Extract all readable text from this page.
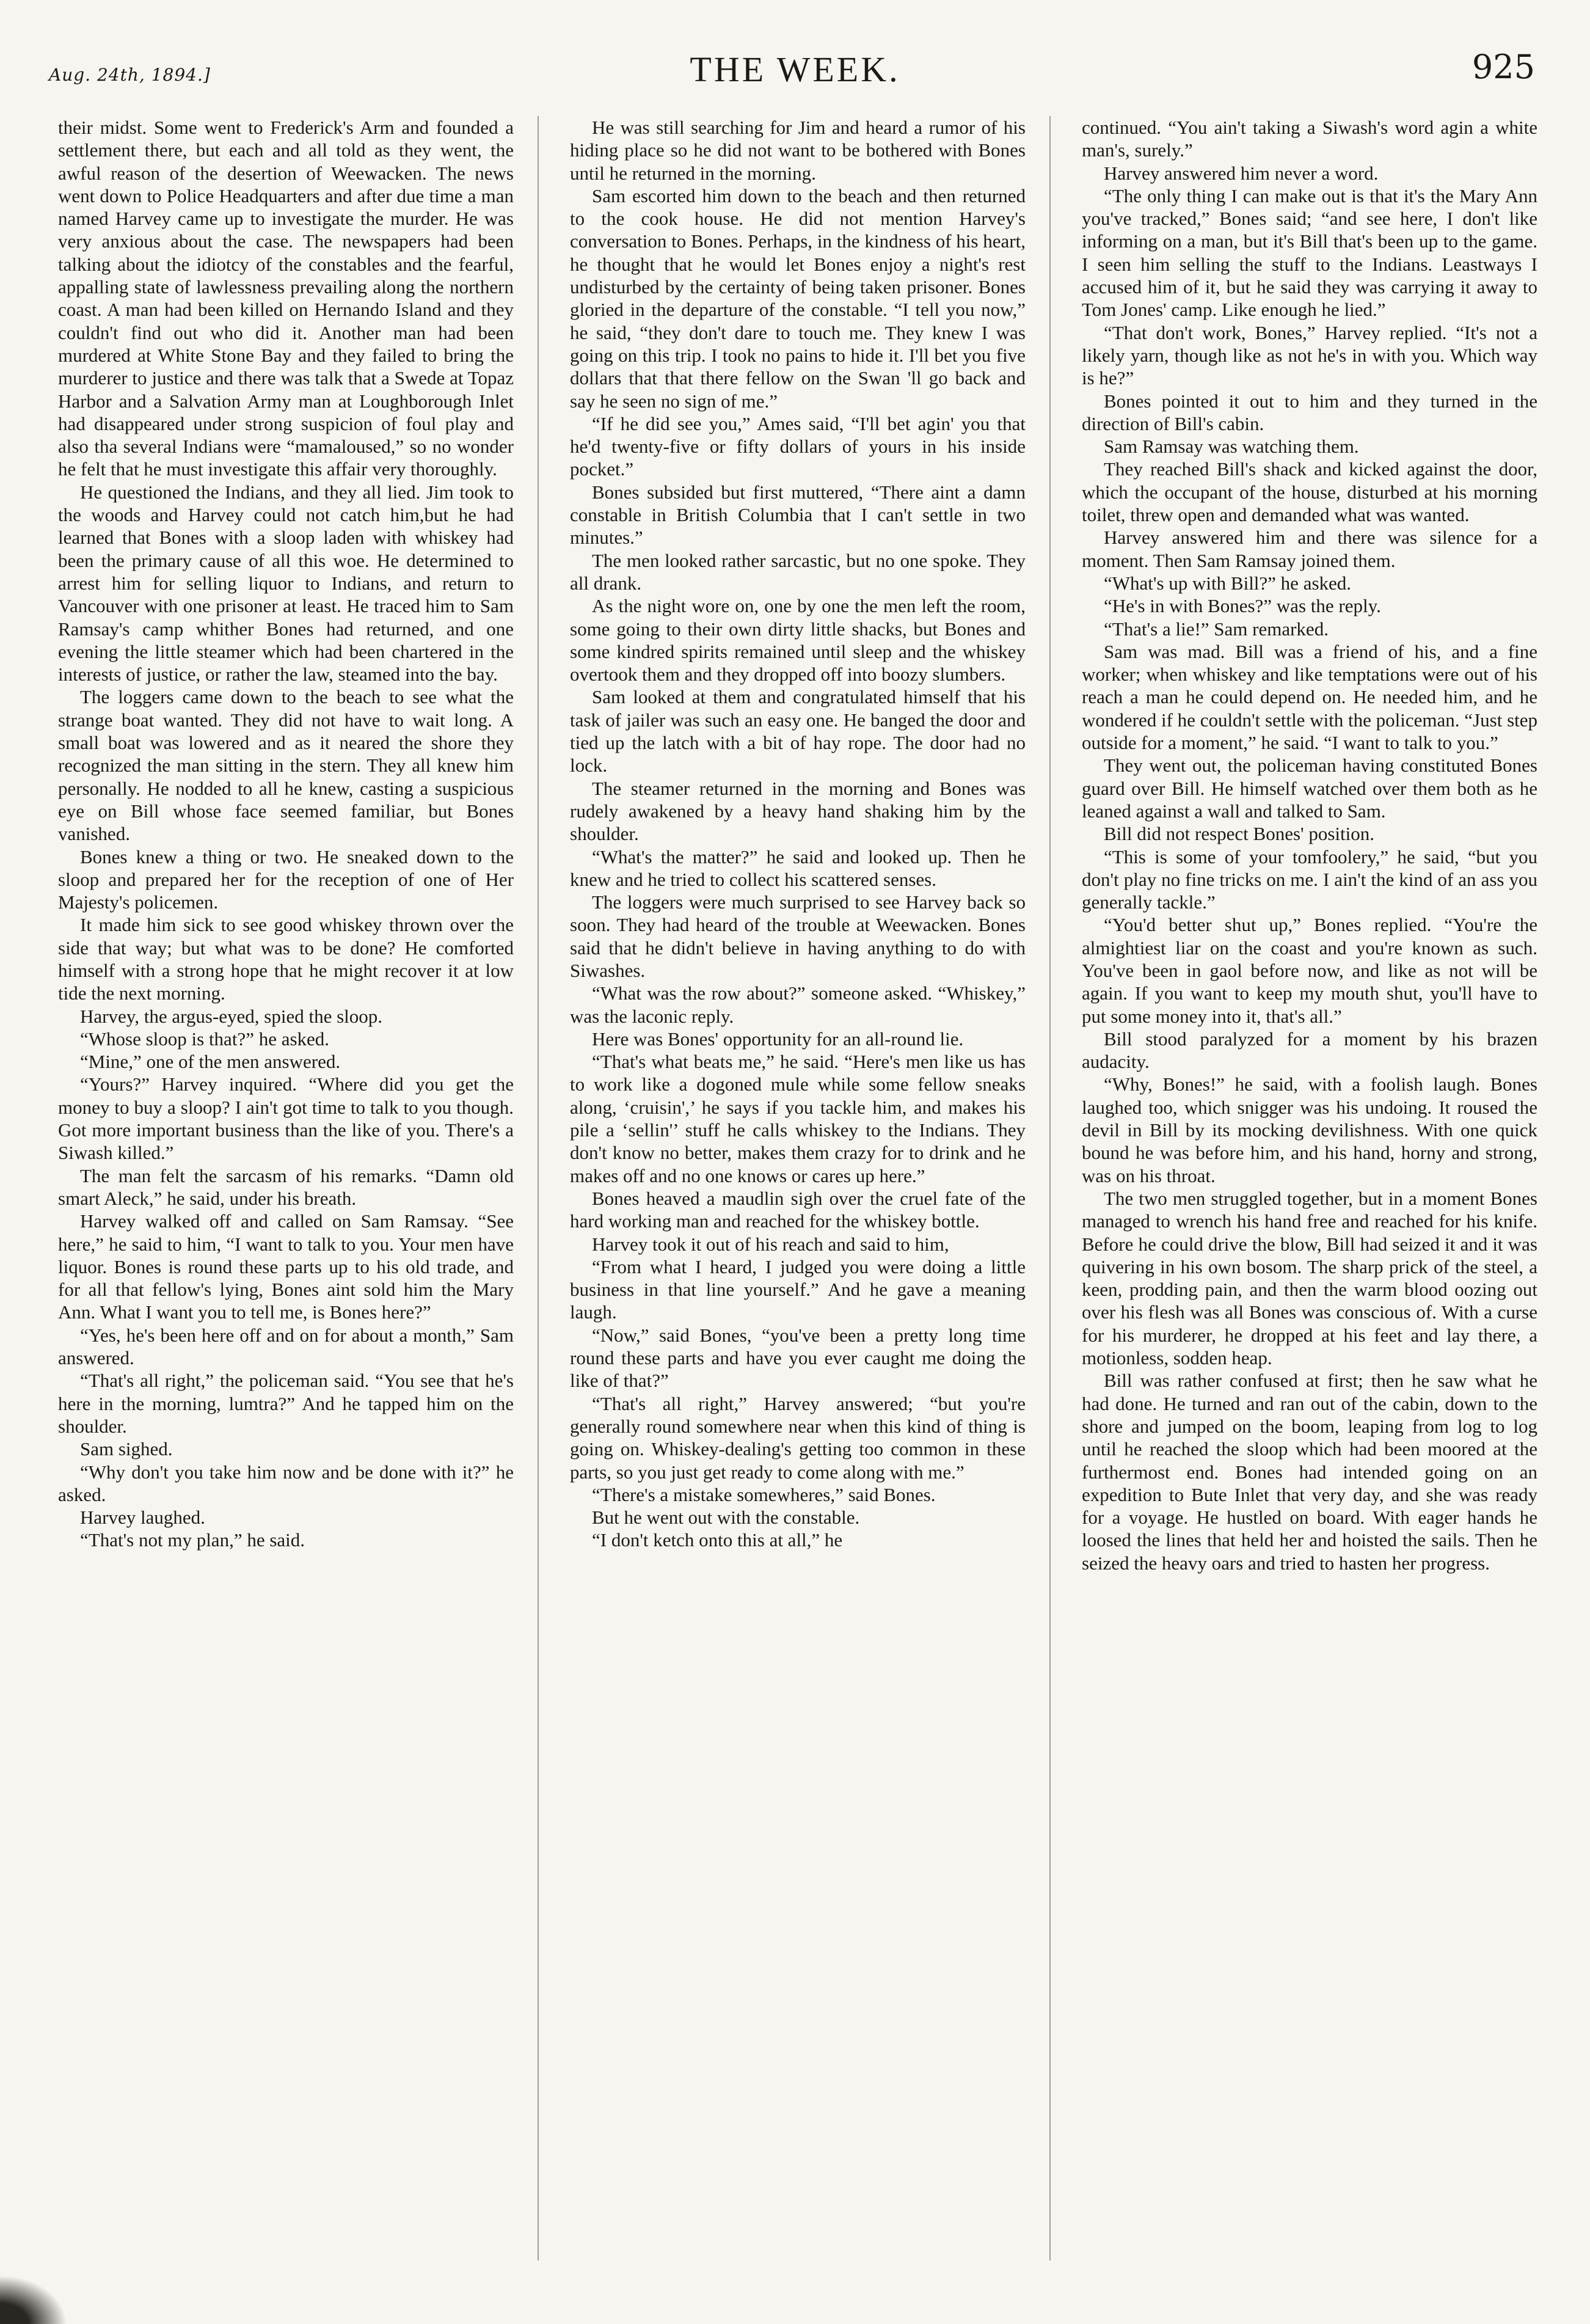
Aug. 24th, 1894.]	THE WEEK.	925

their midst. Some went to Frederick's Arm and founded a settlement there, but each and all told as they went, the awful reason of the desertion of Weewacken. The news went down to Police Headquarters and after due time a man named Harvey came up to investigate the murder. He was very anxious about the case. The newspapers had been talking about the idiotcy of the constables and the fearful, appalling state of lawlessness prevailing along the northern coast. A man had been killed on Hernando Island and they couldn't find out who did it. Another man had been murdered at White Stone Bay and they failed to bring the murderer to justice and there was talk that a Swede at Topaz Harbor and a Salvation Army man at Loughborough Inlet had disappeared under strong suspicion of foul play and also tha several Indians were “mamaloused,” so no wonder he felt that he must investigate this affair very thoroughly.

He questioned the Indians, and they all lied. Jim took to the woods and Harvey could not catch him,but he had learned that Bones with a sloop laden with whiskey had been the primary cause of all this woe. He determined to arrest him for selling liquor to Indians, and return to Vancouver with one prisoner at least. He traced him to Sam Ramsay's camp whither Bones had returned, and one evening the little steamer which had been chartered in the interests of justice, or rather the law, steamed into the bay.

The loggers came down to the beach to see what the strange boat wanted. They did not have to wait long. A small boat was lowered and as it neared the shore they recognized the man sitting in the stern. They all knew him personally. He nodded to all he knew, casting a suspicious eye on Bill whose face seemed familiar, but Bones vanished.

Bones knew a thing or two. He sneaked down to the sloop and prepared her for the reception of one of Her Majesty's policemen.

It made him sick to see good whiskey thrown over the side that way; but what was to be done? He comforted himself with a strong hope that he might recover it at low tide the next morning.

Harvey, the argus-eyed, spied the sloop.

“Whose sloop is that?” he asked.

“Mine,” one of the men answered.

“Yours?” Harvey inquired. “Where did you get the money to buy a sloop? I ain't got time to talk to you though. Got more important business than the like of you. There's a Siwash killed.”

The man felt the sarcasm of his remarks. “Damn old smart Aleck,” he said, under his breath.

Harvey walked off and called on Sam Ramsay. “See here,” he said to him, “I want to talk to you. Your men have liquor. Bones is round these parts up to his old trade, and for all that fellow's lying, Bones aint sold him the Mary Ann. What I want you to tell me, is Bones here?”

“Yes, he's been here off and on for about a month,” Sam answered.

“That's all right,” the policeman said. “You see that he's here in the morning, lumtra?” And he tapped him on the shoulder.

Sam sighed.

“Why don't you take him now and be done with it?” he asked.

Harvey laughed.

“That's not my plan,” he said.

He was still searching for Jim and heard a rumor of his hiding place so he did not want to be bothered with Bones until he returned in the morning.

Sam escorted him down to the beach and then returned to the cook house. He did not mention Harvey's conversation to Bones. Perhaps, in the kindness of his heart, he thought that he would let Bones enjoy a night's rest undisturbed by the certainty of being taken prisoner. Bones gloried in the departure of the constable. “I tell you now,” he said, “they don't dare to touch me. They knew I was going on this trip. I took no pains to hide it. I'll bet you five dollars that that there fellow on the Swan 'll go back and say he seen no sign of me.”

“If he did see you,” Ames said, “I'll bet agin' you that he'd twenty-five or fifty dollars of yours in his inside pocket.”

Bones subsided but first muttered, “There aint a damn constable in British Columbia that I can't settle in two minutes.”

The men looked rather sarcastic, but no one spoke. They all drank.

As the night wore on, one by one the men left the room, some going to their own dirty little shacks, but Bones and some kindred spirits remained until sleep and the whiskey overtook them and they dropped off into boozy slumbers.

Sam looked at them and congratulated himself that his task of jailer was such an easy one. He banged the door and tied up the latch with a bit of hay rope. The door had no lock.

The steamer returned in the morning and Bones was rudely awakened by a heavy hand shaking him by the shoulder.

“What's the matter?” he said and looked up. Then he knew and he tried to collect his scattered senses.

The loggers were much surprised to see Harvey back so soon. They had heard of the trouble at Weewacken. Bones said that he didn't believe in having anything to do with Siwashes.

“What was the row about?” someone asked. “Whiskey,” was the laconic reply.

Here was Bones' opportunity for an all-round lie.

“That's what beats me,” he said. “Here's men like us has to work like a dogoned mule while some fellow sneaks along, ‘cruisin',’ he says if you tackle him, and makes his pile a ‘sellin'’ stuff he calls whiskey to the Indians. They don't know no better, makes them crazy for to drink and he makes off and no one knows or cares up here.”

Bones heaved a maudlin sigh over the cruel fate of the hard working man and reached for the whiskey bottle.

Harvey took it out of his reach and said to him,

“From what I heard, I judged you were doing a little business in that line yourself.” And he gave a meaning laugh.

“Now,” said Bones, “you've been a pretty long time round these parts and have you ever caught me doing the like of that?”

“That's all right,” Harvey answered; “but you're generally round somewhere near when this kind of thing is going on. Whiskey-dealing's getting too common in these parts, so you just get ready to come along with me.”

“There's a mistake somewheres,” said Bones.

But he went out with the constable.

“I don't ketch onto this at all,” he

continued. “You ain't taking a Siwash's word agin a white man's, surely.”

Harvey answered him never a word.

“The only thing I can make out is that it's the Mary Ann you've tracked,” Bones said; “and see here, I don't like informing on a man, but it's Bill that's been up to the game. I seen him selling the stuff to the Indians. Leastways I accused him of it, but he said they was carrying it away to Tom Jones' camp. Like enough he lied.”

“That don't work, Bones,” Harvey replied. “It's not a likely yarn, though like as not he's in with you. Which way is he?”

Bones pointed it out to him and they turned in the direction of Bill's cabin.

Sam Ramsay was watching them.

They reached Bill's shack and kicked against the door, which the occupant of the house, disturbed at his morning toilet, threw open and demanded what was wanted.

Harvey answered him and there was silence for a moment. Then Sam Ramsay joined them.

“What's up with Bill?” he asked.

“He's in with Bones?” was the reply.

“That's a lie!” Sam remarked.

Sam was mad. Bill was a friend of his, and a fine worker; when whiskey and like temptations were out of his reach a man he could depend on. He needed him, and he wondered if he couldn't settle with the policeman. “Just step outside for a moment,” he said. “I want to talk to you.”

They went out, the policeman having constituted Bones guard over Bill. He himself watched over them both as he leaned against a wall and talked to Sam.

Bill did not respect Bones' position.

“This is some of your tomfoolery,” he said, “but you don't play no fine tricks on me. I ain't the kind of an ass you generally tackle.”

“You'd better shut up,” Bones replied. “You're the almightiest liar on the coast and you're known as such. You've been in gaol before now, and like as not will be again. If you want to keep my mouth shut, you'll have to put some money into it, that's all.”

Bill stood paralyzed for a moment by his brazen audacity.

“Why, Bones!” he said, with a foolish laugh. Bones laughed too, which snigger was his undoing. It roused the devil in Bill by its mocking devilishness. With one quick bound he was before him, and his hand, horny and strong, was on his throat.

The two men struggled together, but in a moment Bones managed to wrench his hand free and reached for his knife. Before he could drive the blow, Bill had seized it and it was quivering in his own bosom. The sharp prick of the steel, a keen, prodding pain, and then the warm blood oozing out over his flesh was all Bones was conscious of. With a curse for his murderer, he dropped at his feet and lay there, a motionless, sodden heap.

Bill was rather confused at first; then he saw what he had done. He turned and ran out of the cabin, down to the shore and jumped on the boom, leaping from log to log until he reached the sloop which had been moored at the furthermost end. Bones had intended going on an expedition to Bute Inlet that very day, and she was ready for a voyage. He hustled on board. With eager hands he loosed the lines that held her and hoisted the sails. Then he seized the heavy oars and tried to hasten her progress.
